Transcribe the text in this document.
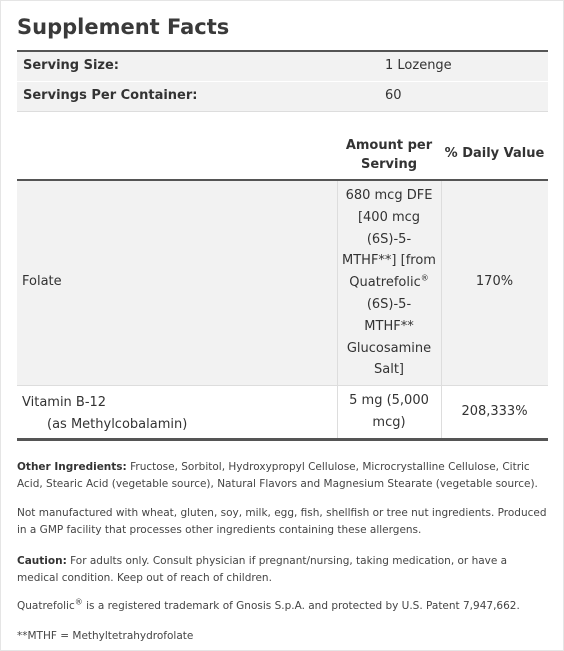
Supplement Facts
Serving Size:	1 Lozenge
Servings Per Container:	60
Amount per
Serving
% Daily Value
Folate
680 mcg DFE
[400 mcg
(6S)-5-
MTHF**] [from
Quatrefolic®
(6S)-5-
MTHF**
Glucosamine
Salt]
170%
Vitamin B-12
(as Methylcobalamin)
5 mg (5,000
mcg)
208,333%

Other Ingredients: Fructose, Sorbitol, Hydroxypropyl Cellulose, Microcrystalline Cellulose, Citric Acid, Stearic Acid (vegetable source), Natural Flavors and Magnesium Stearate (vegetable source).

Not manufactured with wheat, gluten, soy, milk, egg, fish, shellfish or tree nut ingredients. Produced in a GMP facility that processes other ingredients containing these allergens.

Caution: For adults only. Consult physician if pregnant/nursing, taking medication, or have a medical condition. Keep out of reach of children.

Quatrefolic® is a registered trademark of Gnosis S.p.A. and protected by U.S. Patent 7,947,662.

**MTHF = Methyltetrahydrofolate
